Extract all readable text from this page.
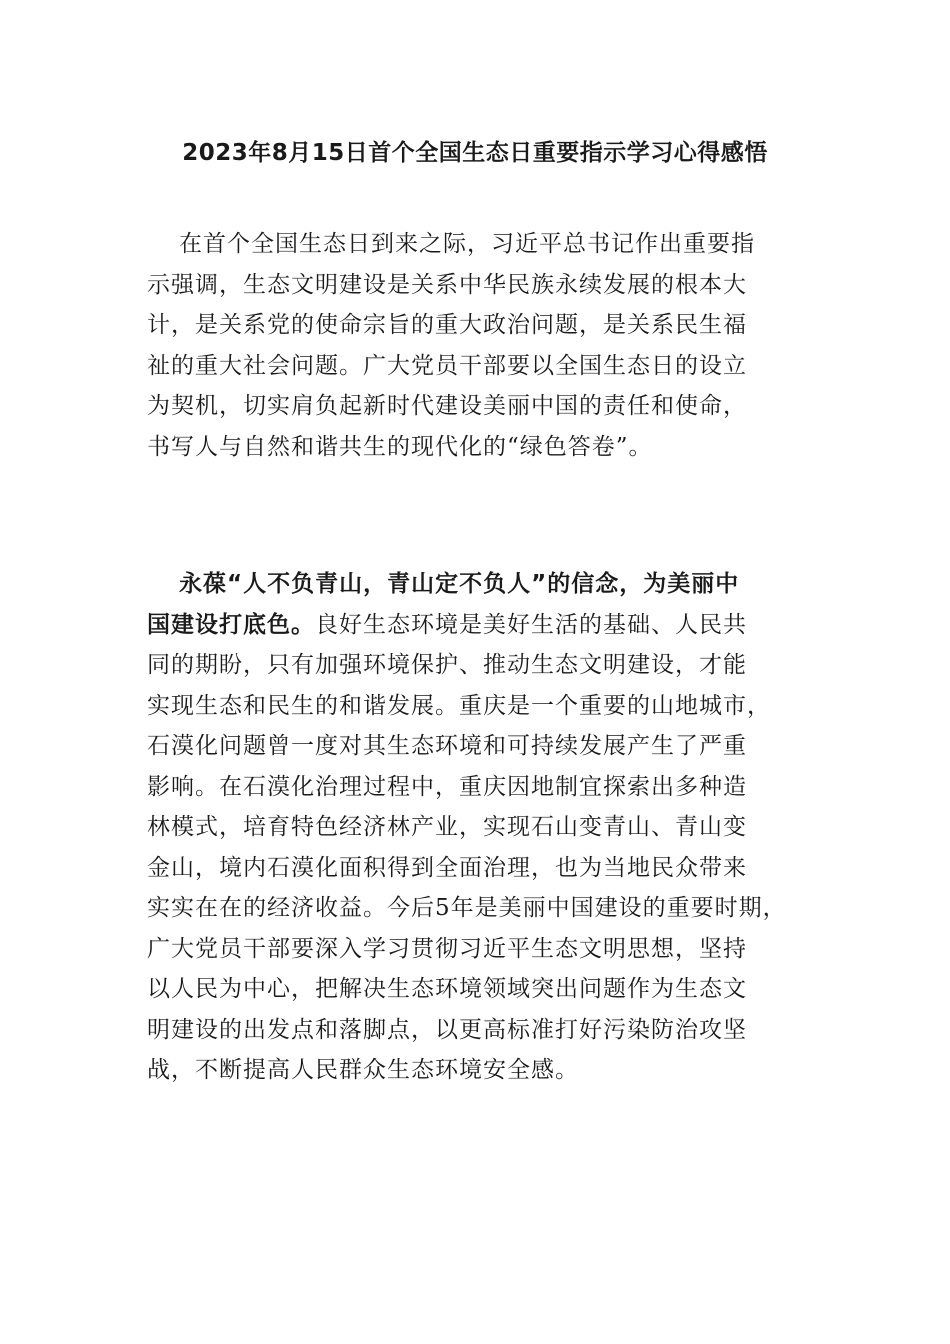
2023年8月15日首个全国生态日重要指示学习心得感悟
在首个全国生态日到来之际，习近平总书记作出重要指
示强调，生态文明建设是关系中华民族永续发展的根本大
计，是关系党的使命宗旨的重大政治问题，是关系民生福
祉的重大社会问题。广大党员干部要以全国生态日的设立
为契机，切实肩负起新时代建设美丽中国的责任和使命，
书写人与自然和谐共生的现代化的“绿色答卷”。
永葆“人不负青山，青山定不负人”的信念，为美丽中
国建设打底色。良好生态环境是美好生活的基础、人民共
同的期盼，只有加强环境保护、推动生态文明建设，才能
实现生态和民生的和谐发展。重庆是一个重要的山地城市，
石漠化问题曾一度对其生态环境和可持续发展产生了严重
影响。在石漠化治理过程中，重庆因地制宜探索出多种造
林模式，培育特色经济林产业，实现石山变青山、青山变
金山，境内石漠化面积得到全面治理，也为当地民众带来
实实在在的经济收益。今后5年是美丽中国建设的重要时期，
广大党员干部要深入学习贯彻习近平生态文明思想，坚持
以人民为中心，把解决生态环境领域突出问题作为生态文
明建设的出发点和落脚点，以更高标准打好污染防治攻坚
战，不断提高人民群众生态环境安全感。
